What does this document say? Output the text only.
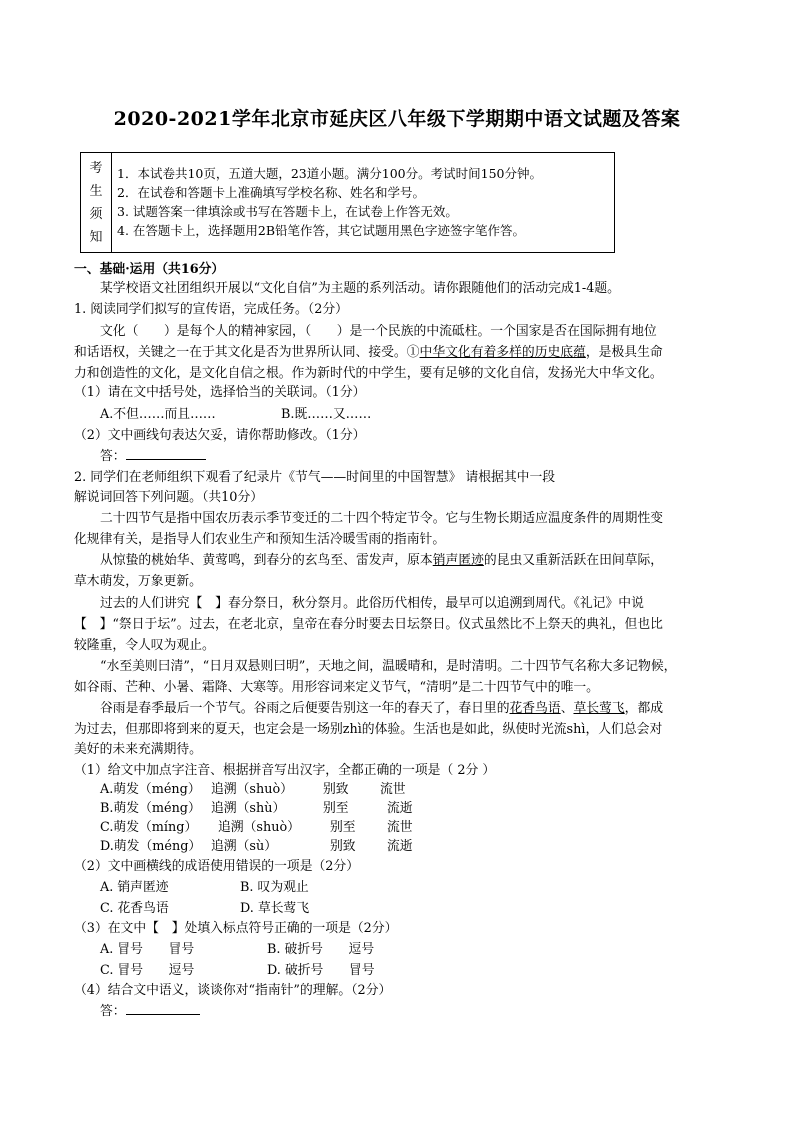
2020-2021学年北京市延庆区八年级下学期期中语文试题及答案
考
生
须
知
1．本试卷共10页，五道大题，23道小题。满分100分。考试时间150分钟。
2．在试卷和答题卡上准确填写学校名称、姓名和学号。
3. 试题答案一律填涂或书写在答题卡上，在试卷上作答无效。
4. 在答题卡上，选择题用2B铅笔作答，其它试题用黑色字迹签字笔作答。
一、基础·运用（共16分）
某学校语文社团组织开展以“文化自信”为主题的系列活动。请你跟随他们的活动完成1-4题。
1. 阅读同学们拟写的宣传语，完成任务。（2分）
文化（　　）是每个人的精神家园，（　　）是一个民族的中流砥柱。一个国家是否在国际拥有地位
和话语权，关键之一在于其文化是否为世界所认同、接受。①中华文化有着多样的历史底蕴，是极具生命
力和创造性的文化，是文化自信之根。作为新时代的中学生，要有足够的文化自信，发扬光大中华文化。
（1）请在文中括号处，选择恰当的关联词。（1分）
A.不但……而且……	B.既……又……
（2）文中画线句表达欠妥，请你帮助修改。（1分）
答：
2. 同学们在老师组织下观看了纪录片《节气——时间里的中国智慧》 请根据其中一段
解说词回答下列问题。（共10分）
二十四节气是指中国农历表示季节变迁的二十四个特定节令。它与生物长期适应温度条件的周期性变
化规律有关，是指导人们农业生产和预知生活冷暖雪雨的指南针。
从惊蛰的桃始华、黄莺鸣，到春分的玄鸟至、雷发声，原本销声匿迹的昆虫又重新活跃在田间草际，
草木萌发，万象更新。
过去的人们讲究【　】春分祭日，秋分祭月。此俗历代相传，最早可以追溯到周代。《礼记》中说
【　】“祭日于坛”。过去，在老北京，皇帝在春分时要去日坛祭日。仪式虽然比不上祭天的典礼，但也比
较隆重，令人叹为观止。
“水至美则曰清”，“日月双悬则曰明”，天地之间，温暖晴和，是时清明。二十四节气名称大多记物候，
如谷雨、芒种、小暑、霜降、大寒等。用形容词来定义节气，“清明”是二十四节气中的唯一。
谷雨是春季最后一个节气。谷雨之后便要告别这一年的春天了，春日里的花香鸟语、草长莺飞，都成
为过去，但那即将到来的夏天，也定会是一场别zhì的体验。生活也是如此，纵使时光流shì，人们总会对
美好的未来充满期待。
（1）给文中加点字注音、根据拼音写出汉字，全都正确的一项是（ 2分 ）
A.萌发（méng） 追溯（shuò） 别致 流世
B.萌发（méng） 追溯（shù）	别至	流逝
C.萌发（míng） 追溯（shuò） 别至 流世
D.萌发（méng） 追溯（sù）	别致 流逝
（2）文中画横线的成语使用错误的一项是（2分）
A. 销声匿迹	B. 叹为观止
C. 花香鸟语	D. 草长莺飞
（3）在文中【　】处填入标点符号正确的一项是（2分）
A. 冒号　　冒号	B. 破折号　　逗号
C. 冒号　　逗号	D. 破折号　　冒号
（4）结合文中语义，谈谈你对“指南针”的理解。（2分）
答：
